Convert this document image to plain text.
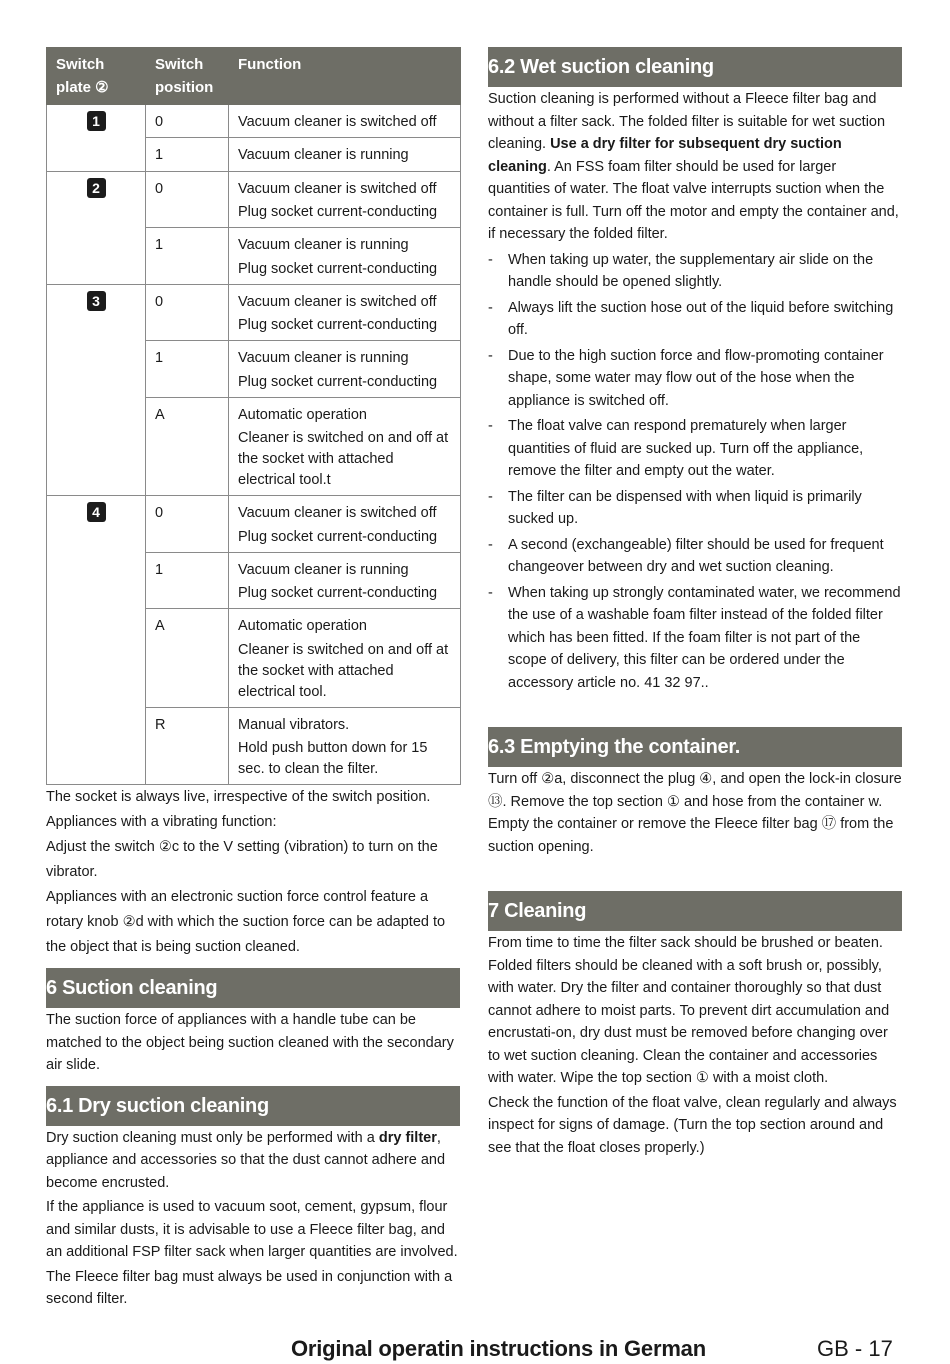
Switch plate ②	Switch position	Function
1	0	Vacuum cleaner is switched off

	1	Vacuum cleaner is running

2	0	Vacuum cleaner is switched off
Plug socket current-conducting

	1	Vacuum cleaner is running
Plug socket current-conducting

3	0	Vacuum cleaner is switched off
Plug socket current-conducting

	1	Vacuum cleaner is running
Plug socket current-conducting

	A	Automatic operation
Cleaner is switched on and off at the socket with attached electrical tool.t

4	0	Vacuum cleaner is switched off
Plug socket current-conducting

	1	Vacuum cleaner is running
Plug socket current-conducting

	A	Automatic operation
Cleaner is switched on and off at the socket with attached electrical tool.

	R	Manual vibrators.
Hold push button down for 15 sec. to clean the filter.

The socket is always live, irrespective of the switch position.

Appliances with a vibrating function:

Adjust the switch ②c to the V setting (vibration) to turn on the vibrator.

Appliances with an electronic suction force control feature a rotary knob ②d with which the suction force can be adapted to the object that is being suction cleaned.

6 Suction cleaning

The suction force of appliances with a handle tube can be matched to the object being suction cleaned with the secondary air slide.

6.1 Dry suction cleaning

Dry suction cleaning must only be performed with a dry filter, appliance and accessories so that the dust cannot adhere and become encrusted.

If the appliance is used to vacuum soot, cement, gypsum, flour and similar dusts, it is advisable to use a Fleece filter bag, and an additional FSP filter sack when larger quantities are involved.

The Fleece filter bag must always be used in conjunction with a second filter.

6.2 Wet suction cleaning

Suction cleaning is performed without a Fleece filter bag and without a filter sack. The folded filter is suitable for wet suction cleaning. Use a dry filter for subsequent dry suction cleaning. An FSS foam filter should be used for larger quantities of water. The float valve interrupts suction when the container is full. Turn off the motor and empty the container and, if necessary the folded filter.

- When taking up water, the supplementary air slide on the handle should be opened slightly.
- Always lift the suction hose out of the liquid before switching off.
- Due to the high suction force and flow-promoting container shape, some water may flow out of the hose when the appliance is switched off.
- The float valve can respond prematurely when larger quantities of fluid are sucked up. Turn off the appliance, remove the filter and empty out the water.
- The filter can be dispensed with when liquid is primarily sucked up.
- A second (exchangeable) filter should be used for frequent changeover between dry and wet suction cleaning.
- When taking up strongly contaminated water, we recommend the use of a washable foam filter instead of the folded filter which has been fitted. If the foam filter is not part of the scope of delivery, this filter can be ordered under the accessory article no. 41 32 97..
6.3 Emptying the container.

Turn off ②a, disconnect the plug ④, and open the lock-in closure ⑬. Remove the top section ① and hose from the container w. Empty the container or remove the Fleece filter bag ⑰ from the suction opening.

7 Cleaning

From time to time the filter sack should be brushed or beaten. Folded filters should be cleaned with a soft brush or, possibly, with water. Dry the filter and container thoroughly so that dust cannot adhere to moist parts. To prevent dirt accumulation and encrustati-on, dry dust must be removed before changing over to wet suction cleaning. Clean the container and accessories with water. Wipe the top section ① with a moist cloth.

Check the function of the float valve, clean regularly and always inspect for signs of damage. (Turn the top section around and see that the float closes properly.)

Original operatin instructions in German	GB - 17
